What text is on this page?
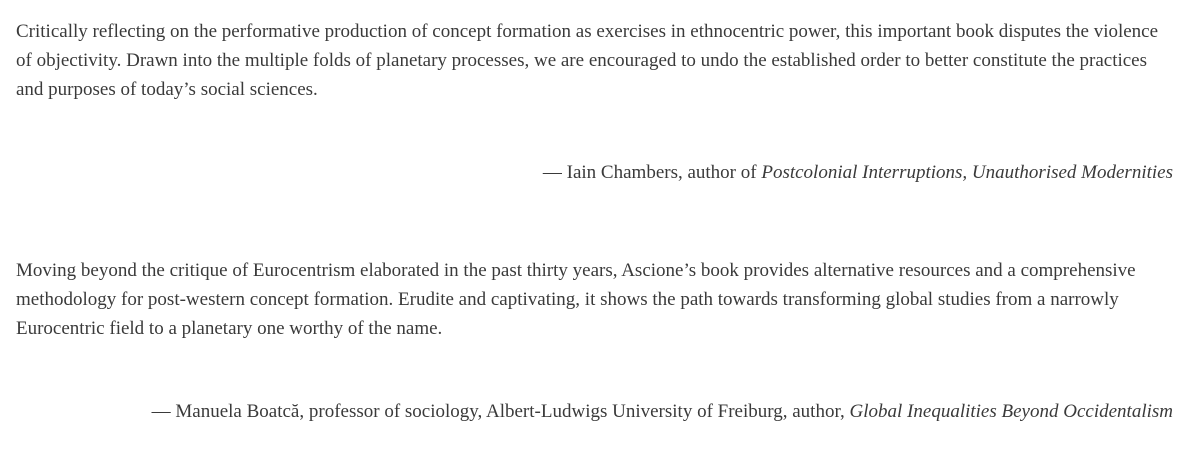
Critically reflecting on the performative production of concept formation as exercises in ethnocentric power, this important book disputes the violence of objectivity. Drawn into the multiple folds of planetary processes, we are encouraged to undo the established order to better constitute the practices and purposes of today’s social sciences.

— Iain Chambers, author of Postcolonial Interruptions, Unauthorised Modernities

Moving beyond the critique of Eurocentrism elaborated in the past thirty years, Ascione’s book provides alternative resources and a comprehensive methodology for post-western concept formation. Erudite and captivating, it shows the path towards transforming global studies from a narrowly Eurocentric field to a planetary one worthy of the name.

— Manuela Boatcă, professor of sociology, Albert-Ludwigs University of Freiburg, author, Global Inequalities Beyond Occidentalism
